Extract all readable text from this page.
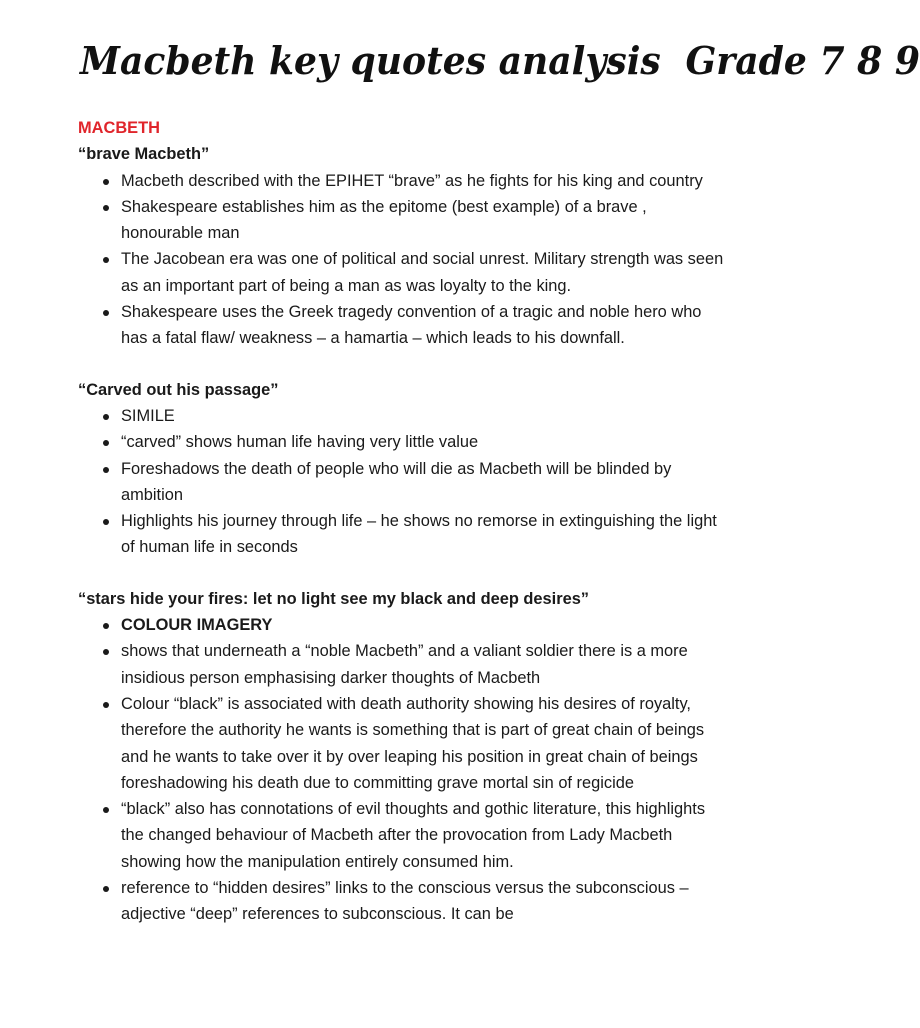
Macbeth key quotes analysis Grade 7 8 9

MACBETH

“brave Macbeth”

Macbeth described with the EPIHET “brave” as he fights for his king and country
Shakespeare establishes him as the epitome (best example) of a brave , honourable man
The Jacobean era was one of political and social unrest. Military strength was seen as an important part of being a man as was loyalty to the king.
Shakespeare uses the Greek tragedy convention of a tragic and noble hero who has a fatal flaw/ weakness – a hamartia – which leads to his downfall.

“Carved out his passage”

SIMILE
“carved” shows human life having very little value
Foreshadows the death of people who will die as Macbeth will be blinded by ambition
Highlights his journey through life – he shows no remorse in extinguishing the light of human life in seconds

“stars hide your fires: let no light see my black and deep desires”

COLOUR IMAGERY
shows that underneath a “noble Macbeth” and a valiant soldier there is a more insidious person emphasising darker thoughts of Macbeth
Colour “black” is associated with death authority showing his desires of royalty, therefore the authority he wants is something that is part of great chain of beings and he wants to take over it by over leaping his position in great chain of beings foreshadowing his death due to committing grave mortal sin of regicide
“black” also has connotations of evil thoughts and gothic literature, this highlights the changed behaviour of Macbeth after the provocation from Lady Macbeth showing how the manipulation entirely consumed him.
reference to “hidden desires” links to the conscious versus the subconscious – adjective “deep” references to subconscious. It can be
